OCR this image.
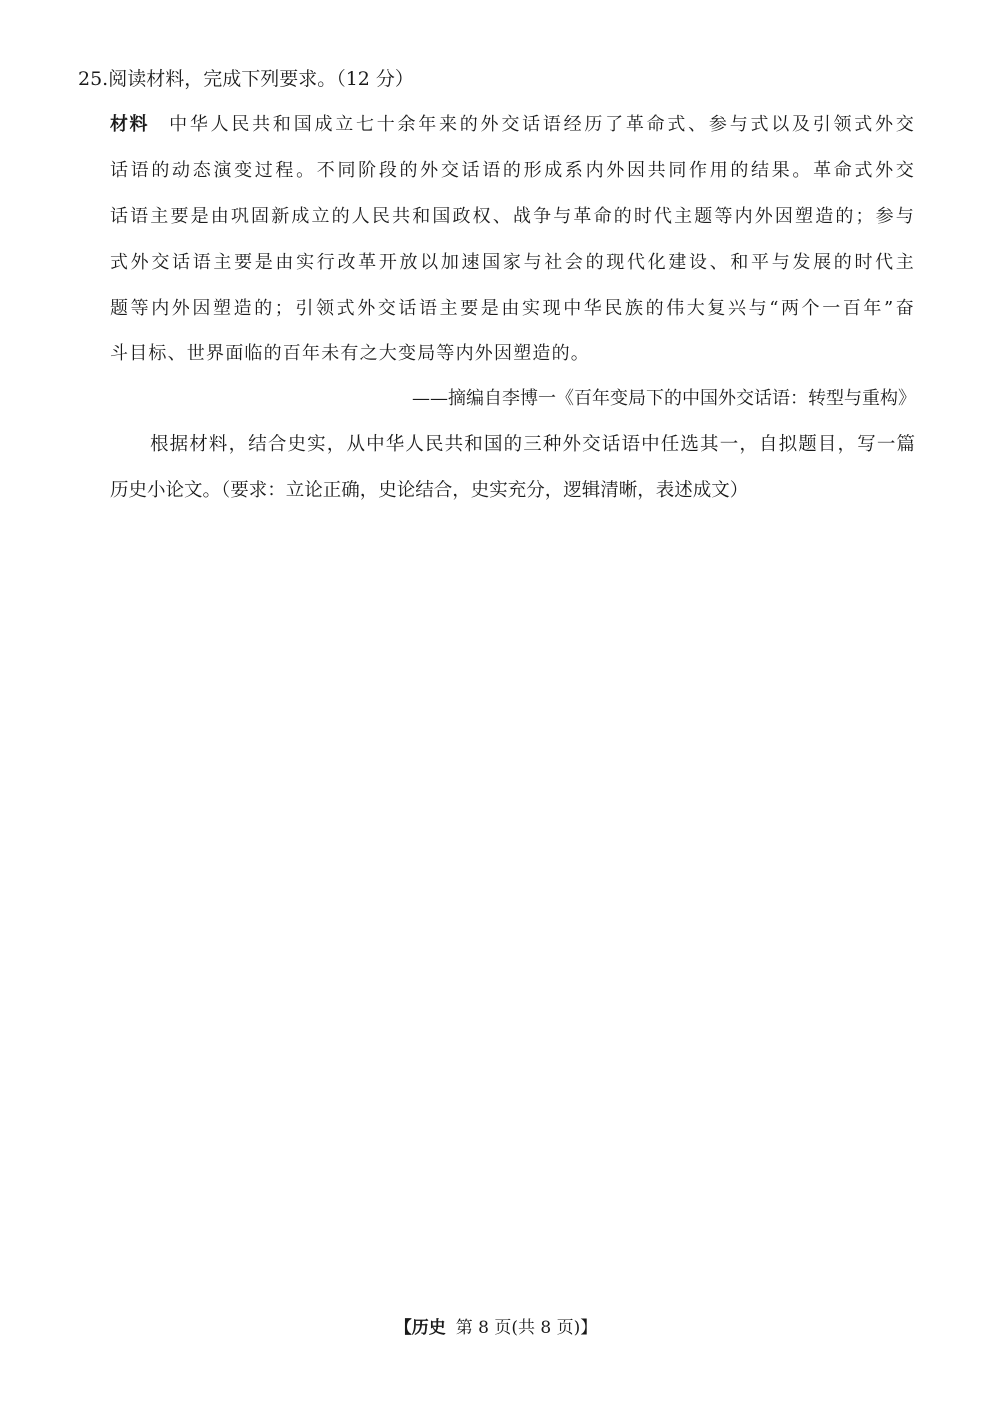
25.阅读材料，完成下列要求。（12 分）
材料 中华人民共和国成立七十余年来的外交话语经历了革命式、参与式以及引领式外交
话语的动态演变过程。不同阶段的外交话语的形成系内外因共同作用的结果。革命式外交
话语主要是由巩固新成立的人民共和国政权、战争与革命的时代主题等内外因塑造的；参与
式外交话语主要是由实行改革开放以加速国家与社会的现代化建设、和平与发展的时代主
题等内外因塑造的；引领式外交话语主要是由实现中华民族的伟大复兴与“两个一百年”奋
斗目标、世界面临的百年未有之大变局等内外因塑造的。
——摘编自李博一《百年变局下的中国外交话语：转型与重构》
根据材料，结合史实，从中华人民共和国的三种外交话语中任选其一，自拟题目，写一篇
历史小论文。（要求：立论正确，史论结合，史实充分，逻辑清晰，表述成文）
【历史 第 8 页(共 8 页)】
